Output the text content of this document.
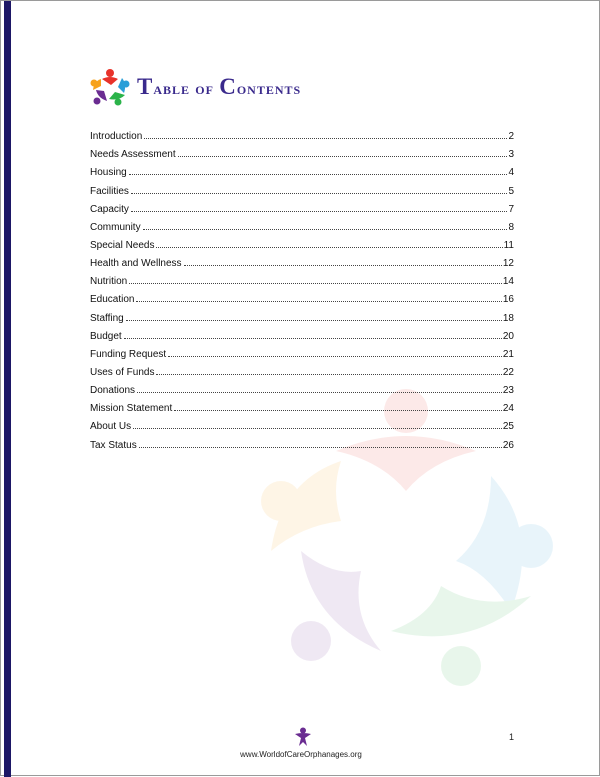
Table of Contents
Introduction	2
Needs Assessment	3
Housing	4
Facilities	5
Capacity	7
Community	8
Special Needs	11
Health and Wellness	12
Nutrition	14
Education	16
Staffing	18
Budget	20
Funding Request	21
Uses of Funds	22
Donations	23
Mission Statement	24
About Us	25
Tax Status	26
www.WorldofCareOrphanages.org
1
